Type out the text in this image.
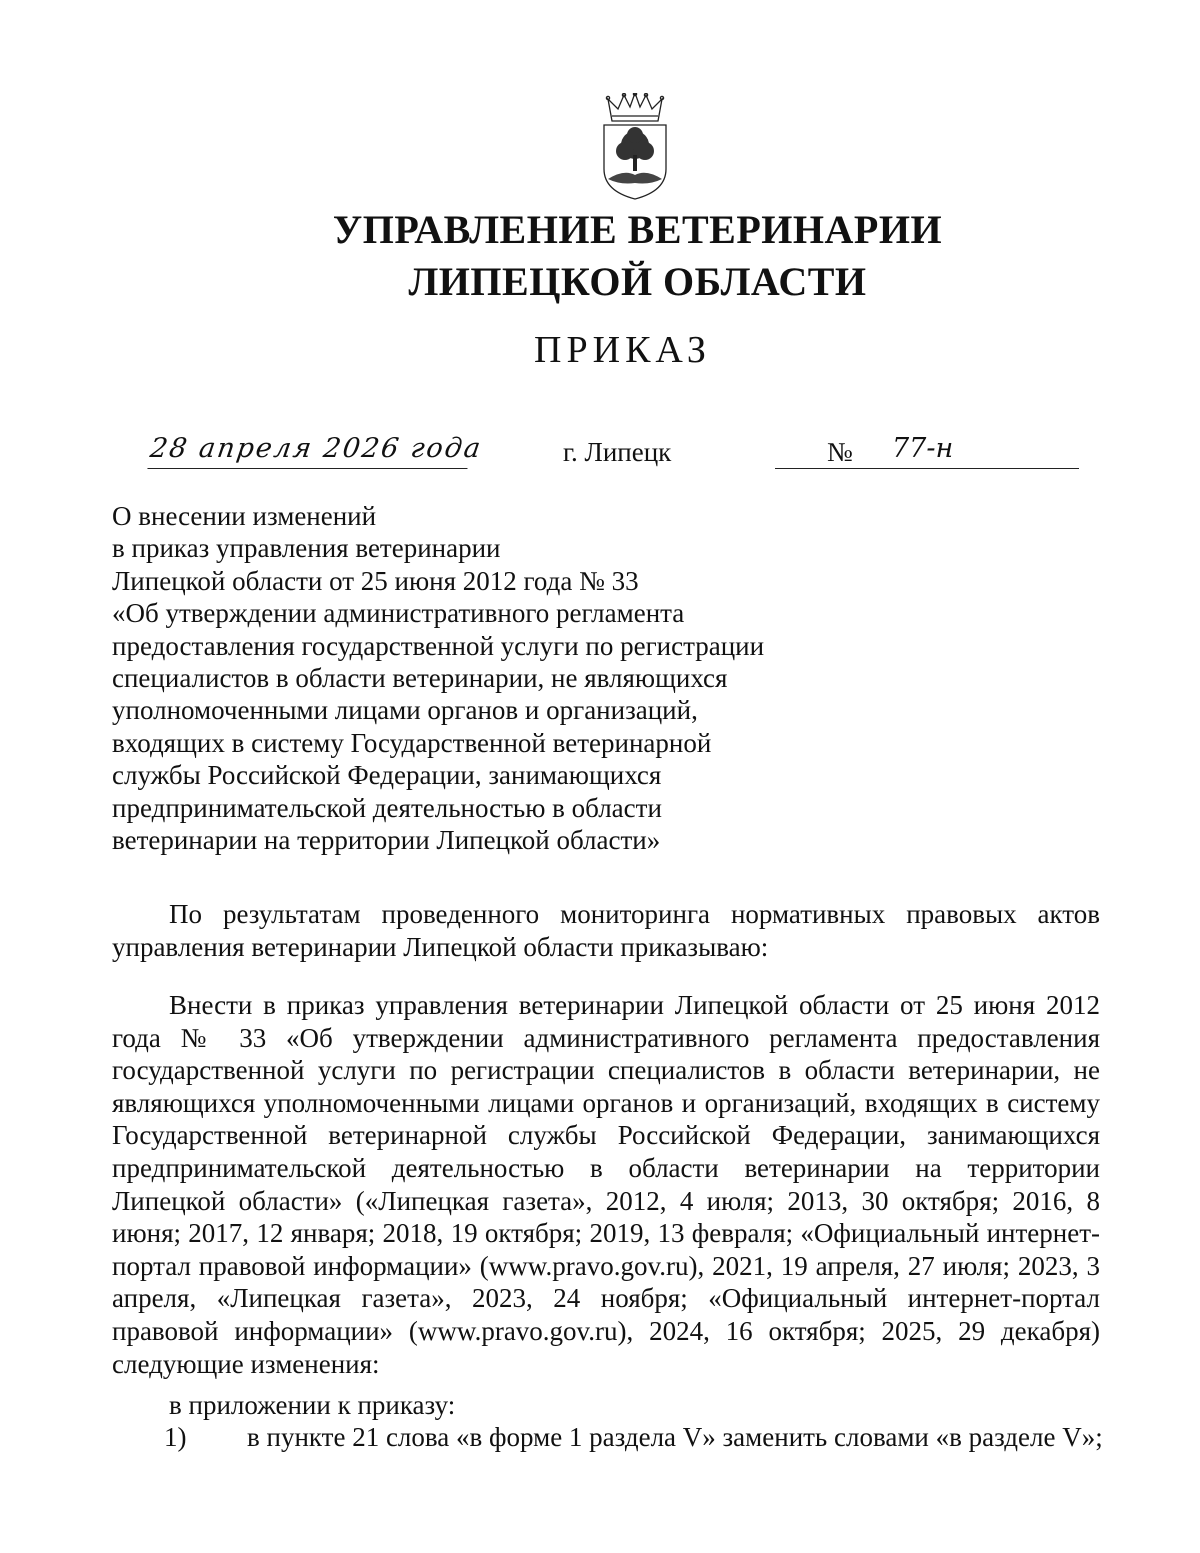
УПРАВЛЕНИЕ ВЕТЕРИНАРИИ
ЛИПЕЦКОЙ ОБЛАСТИ
ПРИКАЗ
28 апреля 2026 года	г. Липецк	№ 77-н
О внесении изменений
в приказ управления ветеринарии
Липецкой области от 25 июня 2012 года № 33
«Об утверждении административного регламента
предоставления государственной услуги по регистрации
специалистов в области ветеринарии, не являющихся
уполномоченными лицами органов и организаций,
входящих в систему Государственной ветеринарной
службы Российской Федерации, занимающихся
предпринимательской деятельностью в области
ветеринарии на территории Липецкой области»
По результатам проведенного мониторинга нормативных правовых актов управления ветеринарии Липецкой области приказываю:
Внести в приказ управления ветеринарии Липецкой области от 25 июня 2012 года № 33 «Об утверждении административного регламента предоставления государственной услуги по регистрации специалистов в области ветеринарии, не являющихся уполномоченными лицами органов и организаций, входящих в систему Государственной ветеринарной службы Российской Федерации, занимающихся предпринимательской деятельностью в области ветеринарии на территории Липецкой области» («Липецкая газета», 2012, 4 июля; 2013, 30 октября; 2016, 8 июня; 2017, 12 января; 2018, 19 октября; 2019, 13 февраля; «Официальный интернет-портал правовой информации» (www.pravo.gov.ru), 2021, 19 апреля, 27 июля; 2023, 3 апреля, «Липецкая газета», 2023, 24 ноября; «Официальный интернет-портал правовой информации» (www.pravo.gov.ru), 2024, 16 октября; 2025, 29 декабря) следующие изменения:
в приложении к приказу:
1) в пункте 21 слова «в форме 1 раздела V» заменить словами «в разделе V»;
